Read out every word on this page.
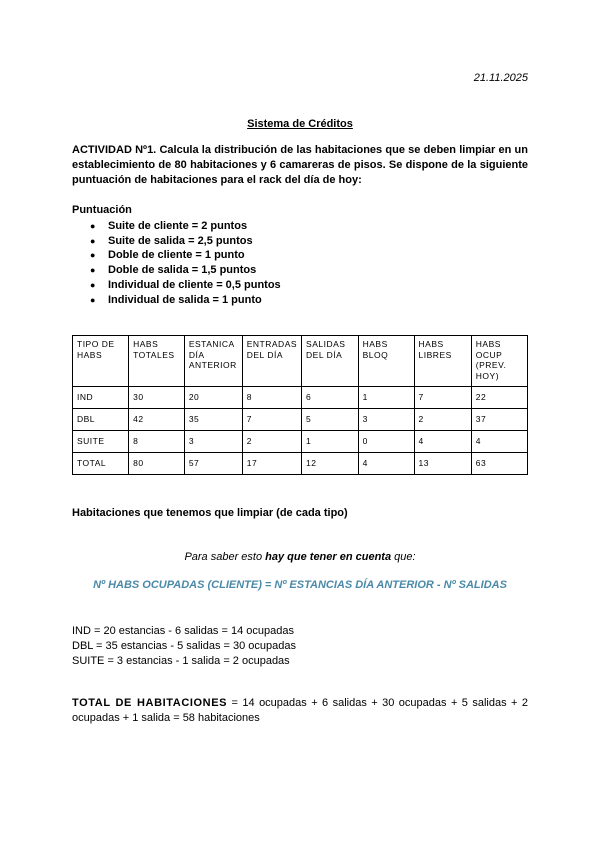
21.11.2025
Sistema de Créditos

ACTIVIDAD Nº1. Calcula la distribución de las habitaciones que se deben limpiar en un establecimiento de 80 habitaciones y 6 camareras de pisos. Se dispone de la siguiente puntuación de habitaciones para el rack del día de hoy:

Puntuación
● Suite de cliente = 2 puntos
● Suite de salida = 2,5 puntos
● Doble de cliente = 1 punto
● Doble de salida = 1,5 puntos
● Individual de cliente = 0,5 puntos
● Individual de salida = 1 punto
TIPO DE HABS	HABS TOTALES	ESTANICA DÍA ANTERIOR	ENTRADAS DEL DÍA	SALIDAS DEL DÍA	HABS BLOQ	HABS LIBRES	HABS OCUP (PREV. HOY)
IND	30	20	8	6	1	7	22
DBL	42	35	7	5	3	2	37
SUITE	8	3	2	1	0	4	4
TOTAL	80	57	17	12	4	13	63
Habitaciones que tenemos que limpiar (de cada tipo)
Para saber esto hay que tener en cuenta que:
Nº HABS OCUPADAS (CLIENTE) = Nº ESTANCIAS DÍA ANTERIOR - Nº SALIDAS
IND = 20 estancias - 6 salidas = 14 ocupadas
DBL = 35 estancias - 5 salidas = 30 ocupadas
SUITE = 3 estancias - 1 salida = 2 ocupadas

TOTAL DE HABITACIONES = 14 ocupadas + 6 salidas + 30 ocupadas + 5 salidas + 2 ocupadas + 1 salida = 58 habitaciones
